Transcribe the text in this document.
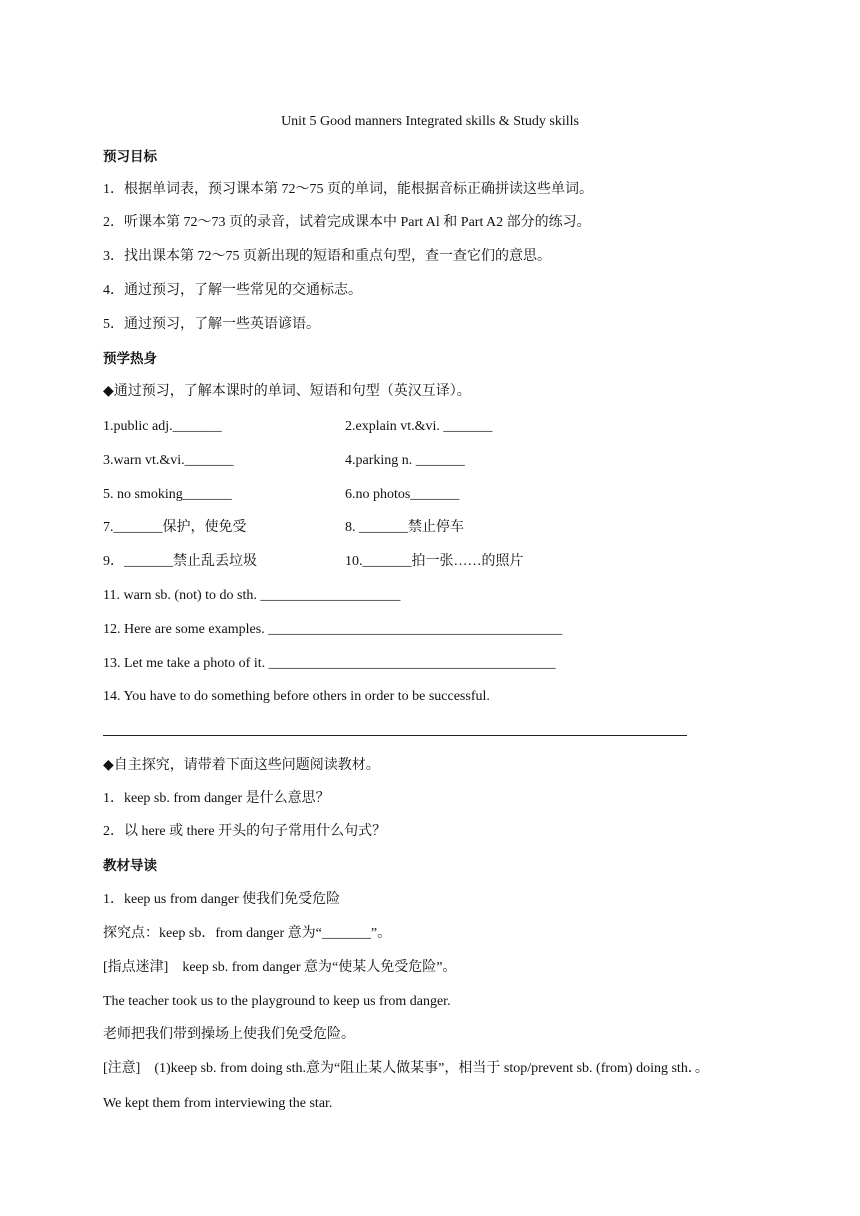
Unit 5 Good manners Integrated skills & Study skills
预习目标
1．根据单词表，预习课本第 72～75 页的单词，能根据音标正确拼读这些单词。
2．听课本第 72～73 页的录音，试着完成课本中 Part Al 和 Part A2 部分的练习。
3．找出课本第 72～75 页新出现的短语和重点句型，查一查它们的意思。
4．通过预习，了解一些常见的交通标志。
5．通过预习，了解一些英语谚语。
预学热身
◆通过预习，了解本课时的单词、短语和句型（英汉互译）。
1.public adj._______	2.explain vt.&vi. _______
3.warn vt.&vi._______	4.parking n. _______
5. no smoking_______	6.no photos_______
7._______保护，使免受	8. _______禁止停车
9．_______禁止乱丢垃圾	10._______拍一张……的照片
11. warn sb. (not) to do sth. ____________________
12. Here are some examples. __________________________________________
13. Let me take a photo of it. _________________________________________
14. You have to do something before others in order to be successful.
◆自主探究，请带着下面这些问题阅读教材。
1．keep sb. from danger 是什么意思？
2．以 here 或 there 开头的句子常用什么句式？
教材导读
1．keep us from danger 使我们免受危险
探究点：keep sb．from danger 意为“_______”。
[指点迷津]　keep sb. from danger 意为“使某人免受危险”。
The teacher took us to the playground to keep us from danger.
老师把我们带到操场上使我们免受危险。
[注意]　(1)keep sb. from doing sth.意为“阻止某人做某事”，相当于 stop/prevent sb. (from) doing sth．。
We kept them from interviewing the star.
